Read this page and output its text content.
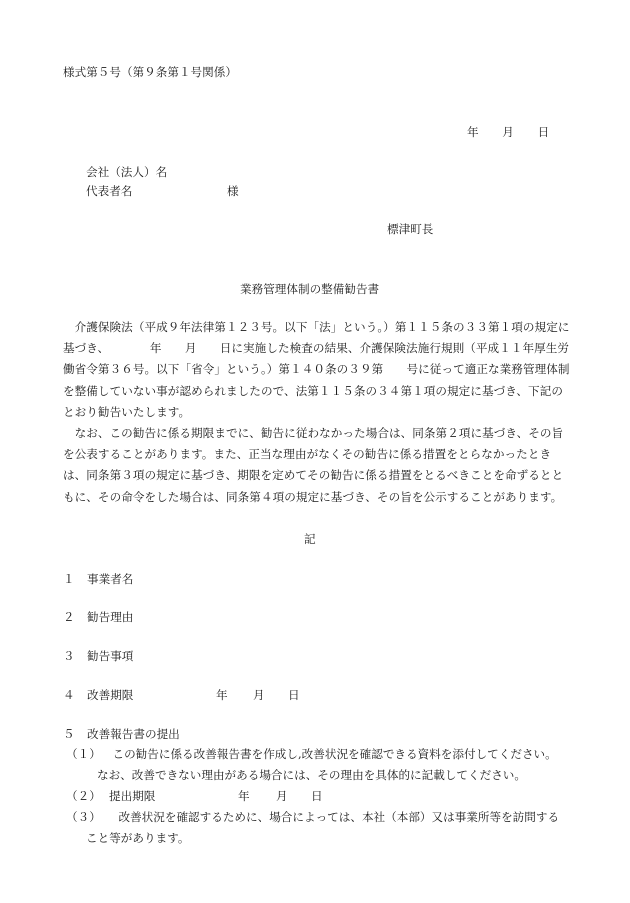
様式第５号（第９条第１号関係）
年 月 日
会社（法人）名
代表者名	様
標津町長
業務管理体制の整備勧告書

介護保険法（平成９年法律第１２３号。以下「法」という。）第１１５条の３３第１項の規定に基づき、　　　　年　　月　　日に実施した検査の結果、介護保険法施行規則（平成１１年厚生労働省令第３６号。以下「省令」という。）第１４０条の３９第　　号に従って適正な業務管理体制を整備していない事が認められましたので、法第１１５条の３４第１項の規定に基づき、下記のとおり勧告いたします。

なお、この勧告に係る期限までに、勧告に従わなかった場合は、同条第２項に基づき、その旨を公表することがあります。また、正当な理由がなくその勧告に係る措置をとらなかったときは、同条第３項の規定に基づき、期限を定めてその勧告に係る措置をとるべきことを命ずるとともに、その命令をした場合は、同条第４項の規定に基づき、その旨を公示することがあります。

記
１ 事業者名
２ 勧告理由
３ 勧告事項
４ 改善期限	年 月 日
５ 改善報告書の提出
（１） この勧告に係る改善報告書を作成し,改善状況を確認できる資料を添付してください。
なお、改善できない理由がある場合には、その理由を具体的に記載してください。
（２） 提出期限	年 月 日
（３） 改善状況を確認するために、場合によっては、本社（本部）又は事業所等を訪問する
こと等があります。
